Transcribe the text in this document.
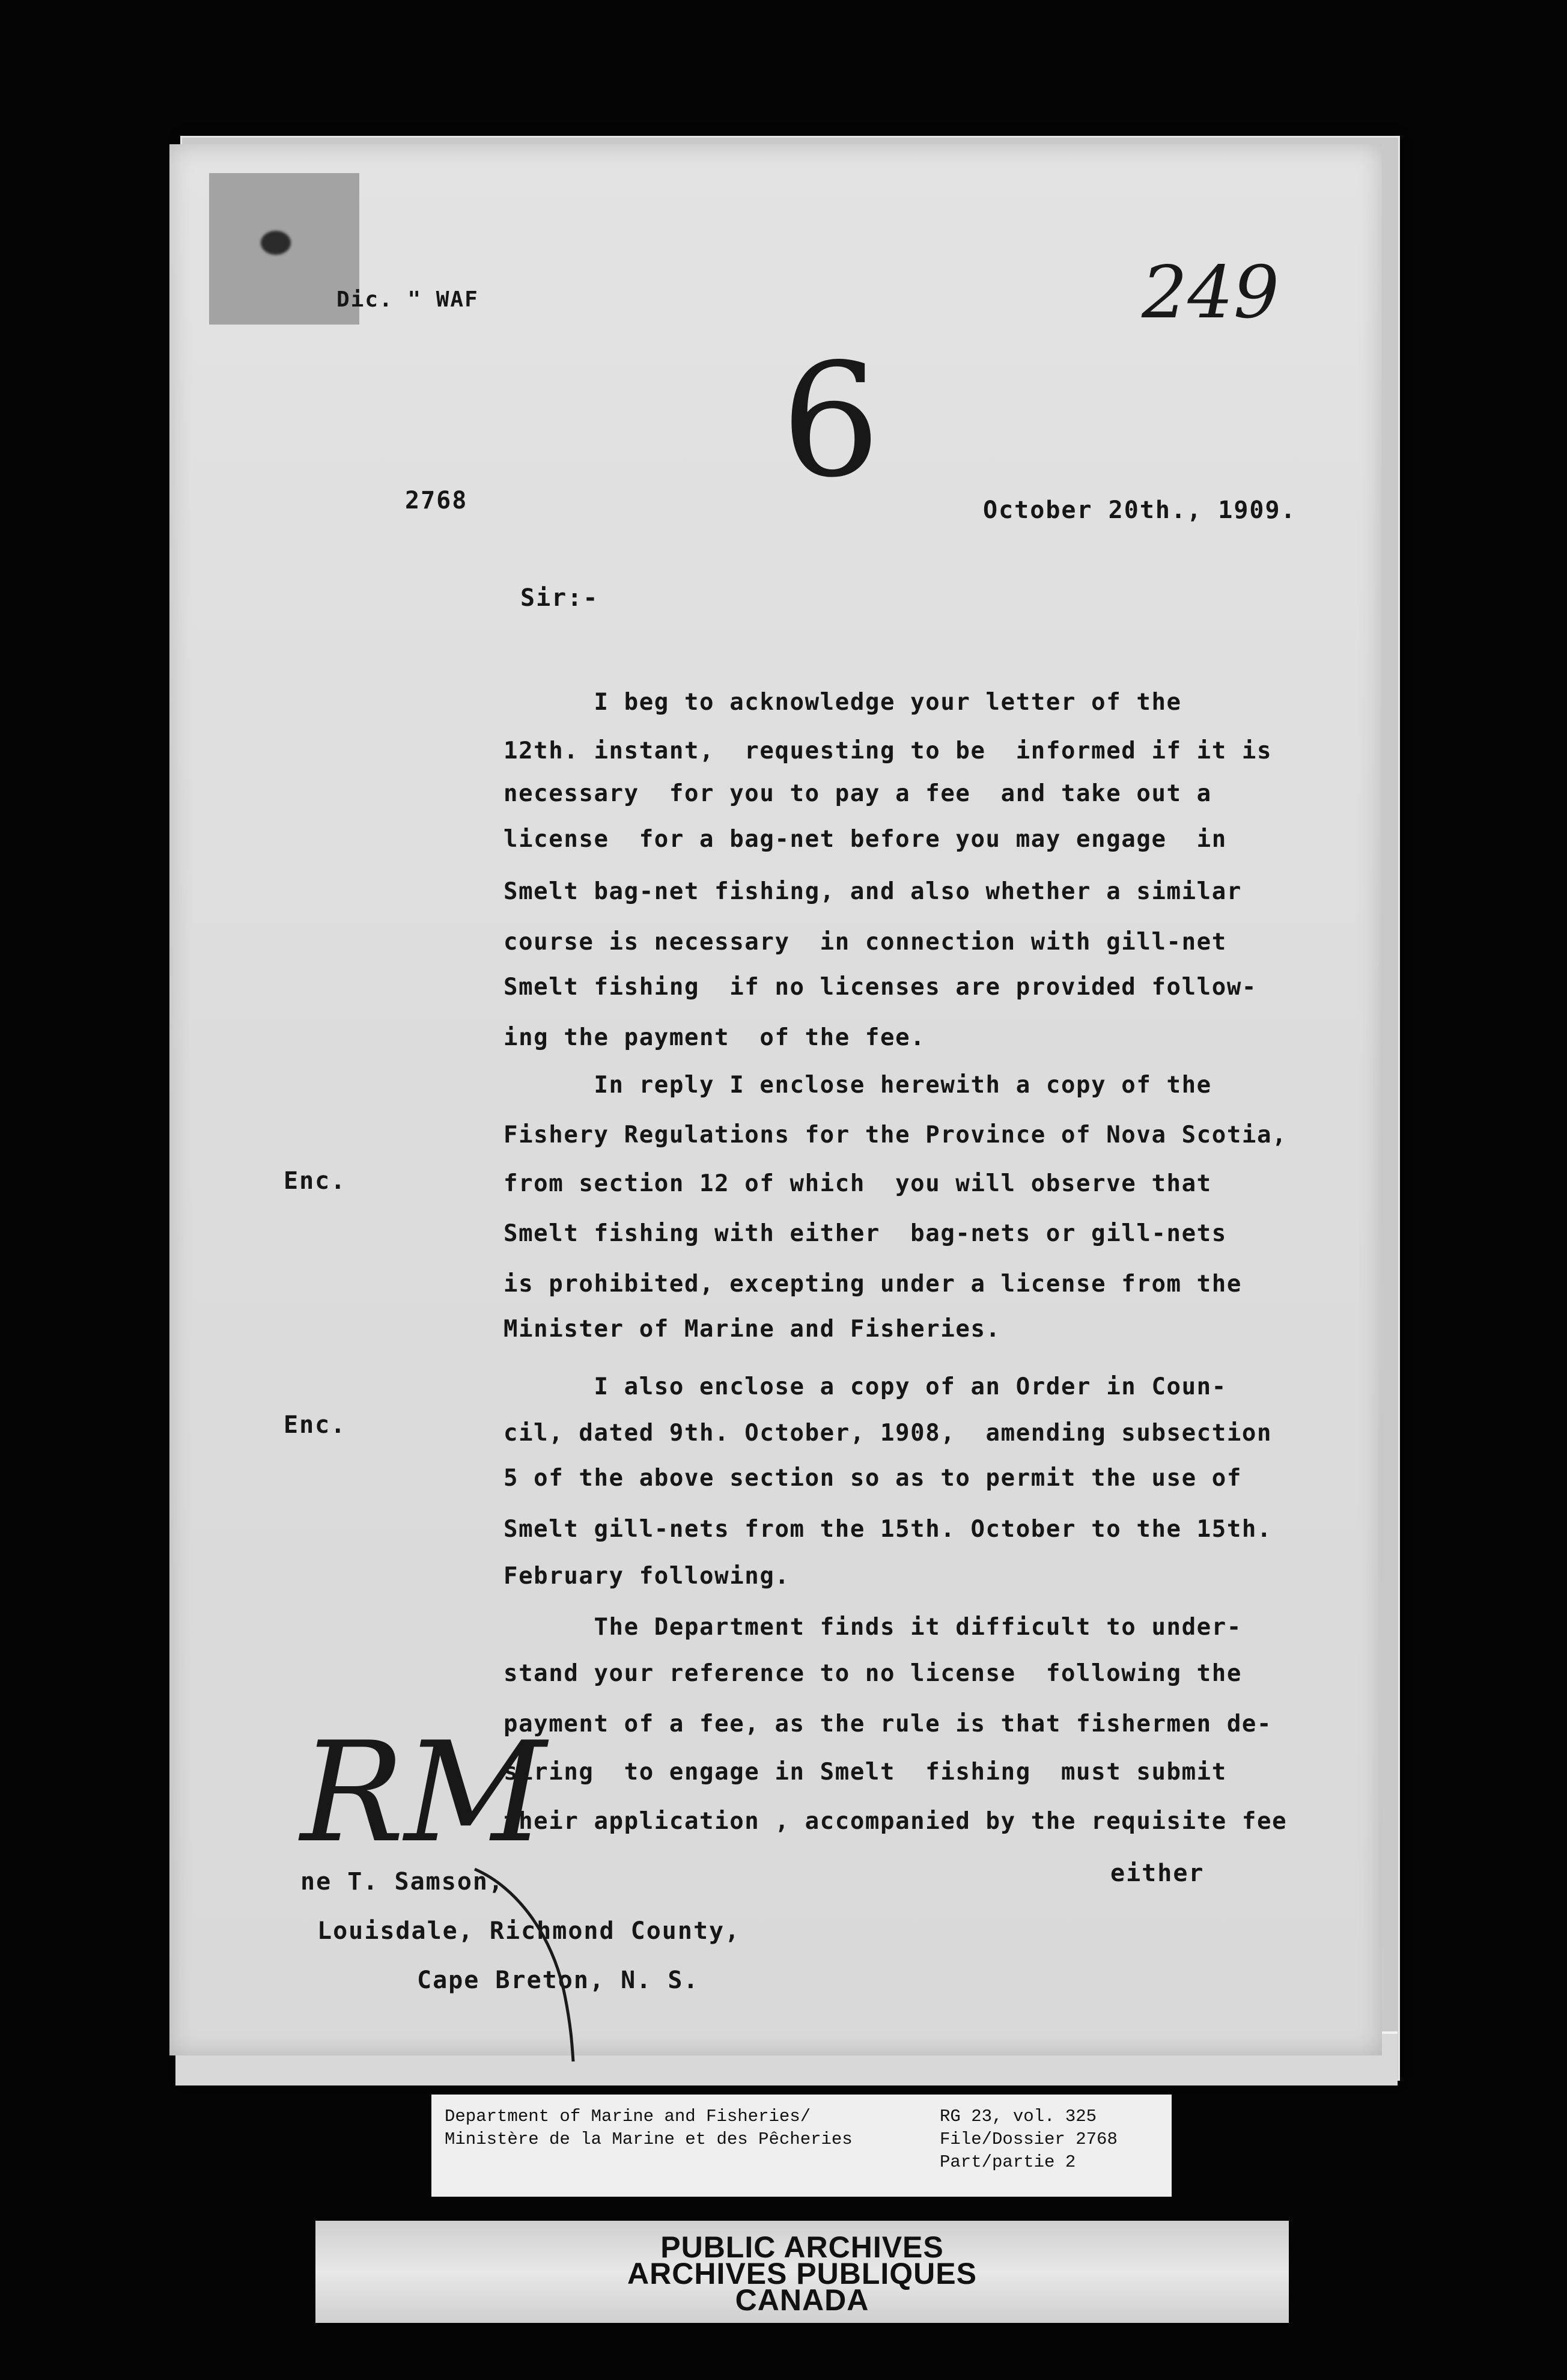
Dic. " WAF	249
2768 6	October 20th., 1909.
Sir:-
I beg to acknowledge your letter of the
12th. instant,  requesting to be  informed if it is
necessary  for you to pay a fee  and take out a
license  for a bag-net before you may engage  in
Smelt bag-net fishing, and also whether a similar
course is necessary  in connection with gill-net
Smelt fishing  if no licenses are provided follow-
ing the payment  of the fee.
In reply I enclose herewith a copy of the
Fishery Regulations for the Province of Nova Scotia,
from section 12 of which  you will observe that
Smelt fishing with either  bag-nets or gill-nets
is prohibited, excepting under a license from the
Minister of Marine and Fisheries.
I also enclose a copy of an Order in Coun-
cil, dated 9th. October, 1908,  amending subsection
5 of the above section so as to permit the use of
Smelt gill-nets from the 15th. October to the 15th.
February following.
The Department finds it difficult to under-
stand your reference to no license  following the
payment of a fee, as the rule is that fishermen de-
siring  to engage in Smelt  fishing  must submit
their application , accompanied by the requisite fee
Enc.
Enc.
either
RM
ne T. Samson,
Louisdale, Richmond County,
Cape Breton, N. S.
Department of Marine and Fisheries/
Ministère de la Marine et des Pêcheries
RG 23, vol. 325
File/Dossier 2768
Part/partie 2
PUBLIC ARCHIVES
ARCHIVES PUBLIQUES
CANADA
